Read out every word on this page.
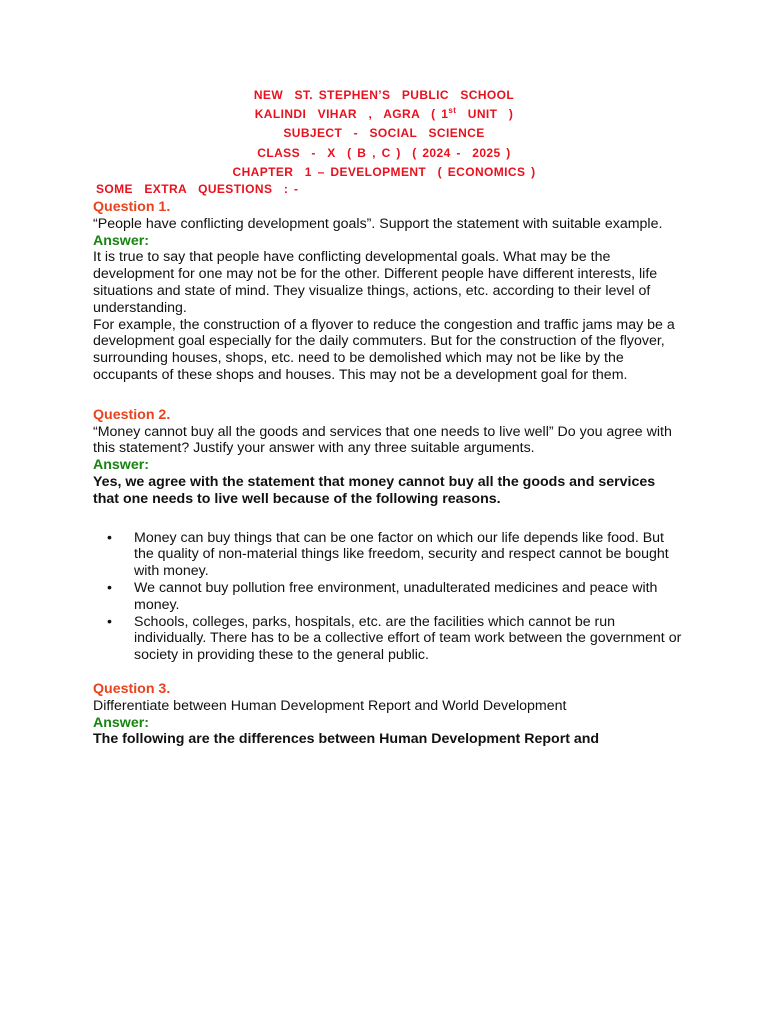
NEW  ST. STEPHEN’S  PUBLIC  SCHOOL
KALINDI  VIHAR  ,  AGRA  ( 1st  UNIT  )
SUBJECT  -  SOCIAL  SCIENCE
CLASS  -  X  ( B , C )  ( 2024 -  2025 )
CHAPTER  1 – DEVELOPMENT  ( ECONOMICS )
SOME  EXTRA  QUESTIONS  : -

Question 1.

“People have conflicting development goals”. Support the statement with suitable example.

Answer:

It is true to say that people have conflicting developmental goals. What may be the development for one may not be for the other. Different people have different interests, life situations and state of mind. They visualize things, actions, etc. according to their level of understanding.

For example, the construction of a flyover to reduce the congestion and traffic jams may be a development goal especially for the daily commuters. But for the construction of the flyover, surrounding houses, shops, etc. need to be demolished which may not be like by the occupants of these shops and houses. This may not be a development goal for them.

Question 2.

“Money cannot buy all the goods and services that one needs to live well” Do you agree with this statement? Justify your answer with any three suitable arguments.

Answer:

Yes, we agree with the statement that money cannot buy all the goods and services that one needs to live well because of the following reasons.

• Money can buy things that can be one factor on which our life depends like food. But the quality of non-material things like freedom, security and respect cannot be bought with money.
• We cannot buy pollution free environment, unadulterated medicines and peace with money.
• Schools, colleges, parks, hospitals, etc. are the facilities which cannot be run individually. There has to be a collective effort of team work between the government or society in providing these to the general public.

Question 3.

Differentiate between Human Development Report and World Development

Answer:

The following are the differences between Human Development Report and
